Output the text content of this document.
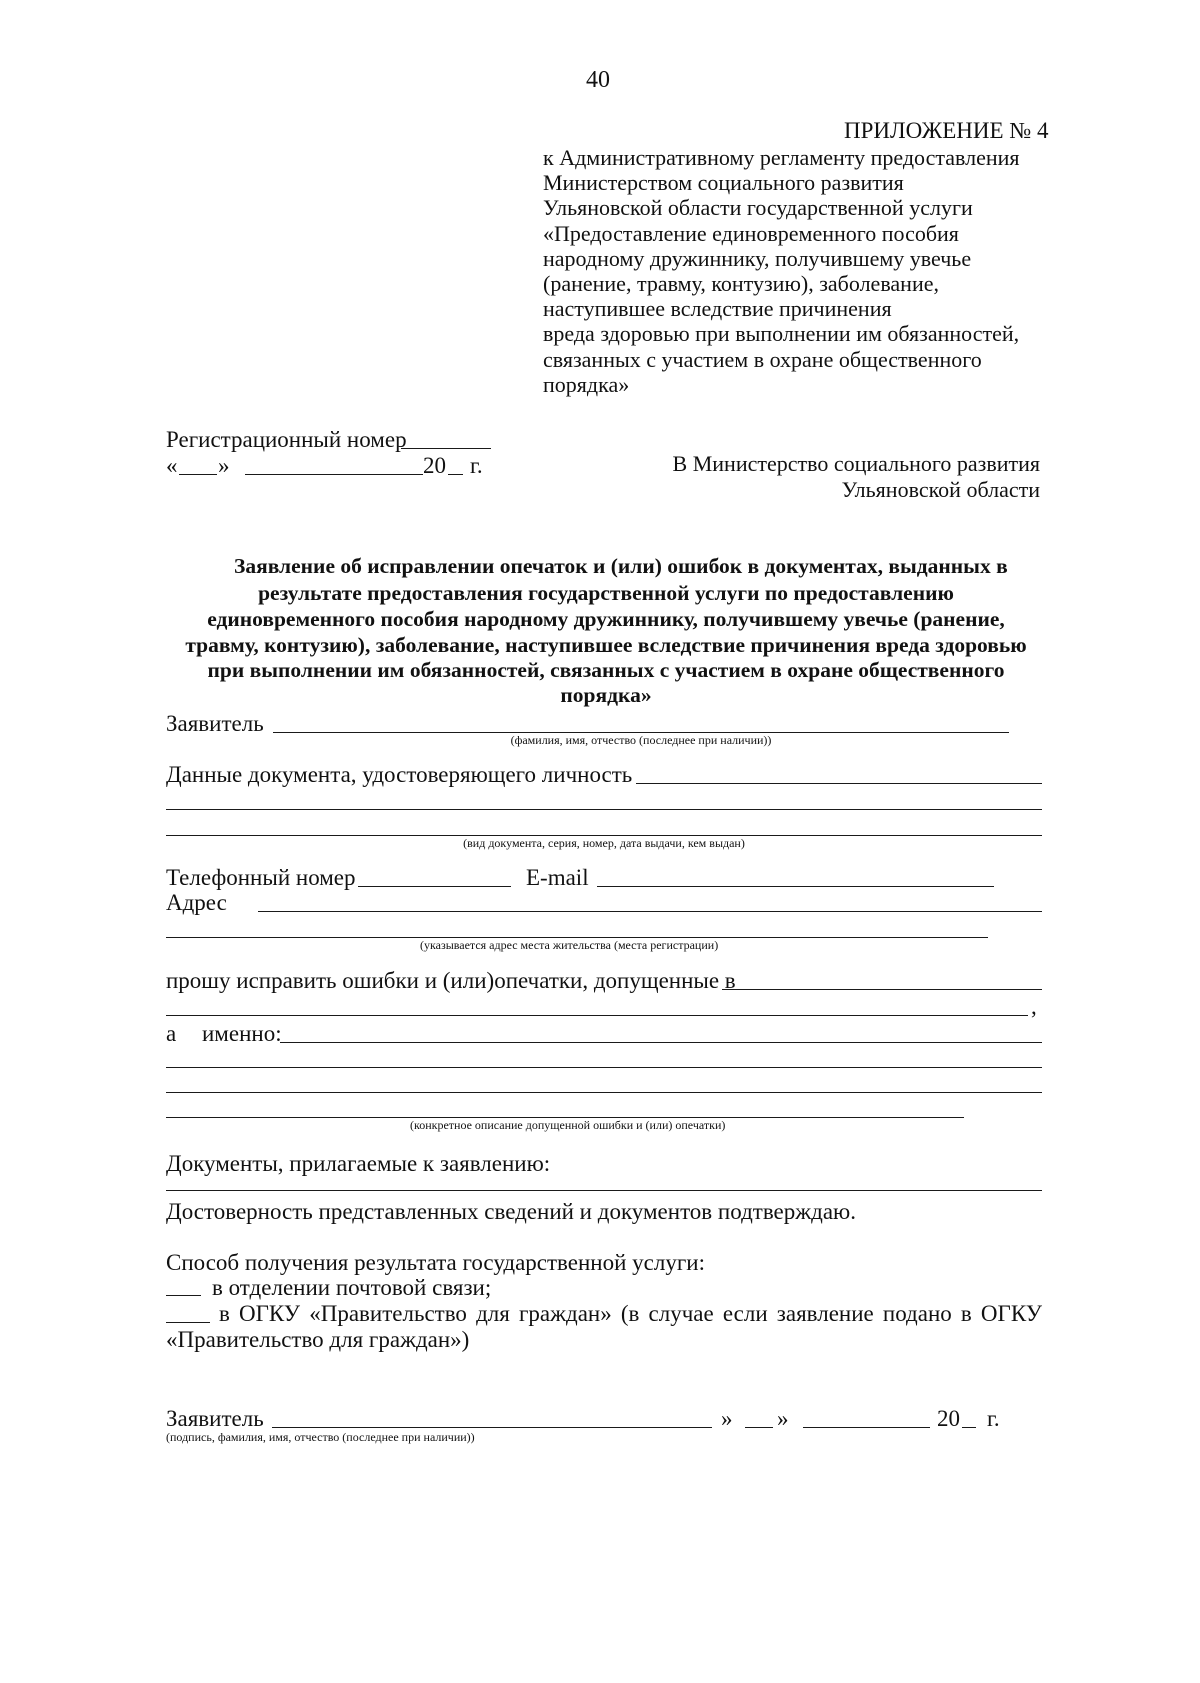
40
ПРИЛОЖЕНИЕ № 4
к Административному регламенту предоставления
Министерством социального развития
Ульяновской области государственной услуги
«Предоставление единовременного пособия
народному дружиннику, получившему увечье
(ранение, травму, контузию), заболевание,
наступившее вследствие причинения
вреда здоровью при выполнении им обязанностей,
связанных с участием в охране общественного
порядка»
Регистрационный номер
« »	20 г.	В Министерство социального развития
Ульяновской области
Заявление об исправлении опечаток и (или) ошибок в документах, выданных в
результате предоставления государственной услуги по предоставлению
единовременного пособия народному дружиннику, получившему увечье (ранение,
травму, контузию), заболевание, наступившее вследствие причинения вреда здоровью
при выполнении им обязанностей, связанных с участием в охране общественного
порядка»
Заявитель
(фамилия, имя, отчество (последнее при наличии))
Данные документа, удостоверяющего личность
(вид документа, серия, номер, дата выдачи, кем выдан)
Телефонный номер	E-mail
Адрес
(указывается адрес места жительства (места регистрации)
прошу исправить ошибки и (или)опечатки, допущенные в
,
а именно:
(конкретное описание допущенной ошибки и (или) опечатки)
Документы, прилагаемые к заявлению:
Достоверность представленных сведений и документов подтверждаю.
Способ получения результата государственной услуги:
в отделении почтовой связи;
в ОГКУ «Правительство для граждан» (в случае если заявление подано в ОГКУ
«Правительство для граждан»)
Заявитель	» »	20 г.
(подпись, фамилия, имя, отчество (последнее при наличии))
